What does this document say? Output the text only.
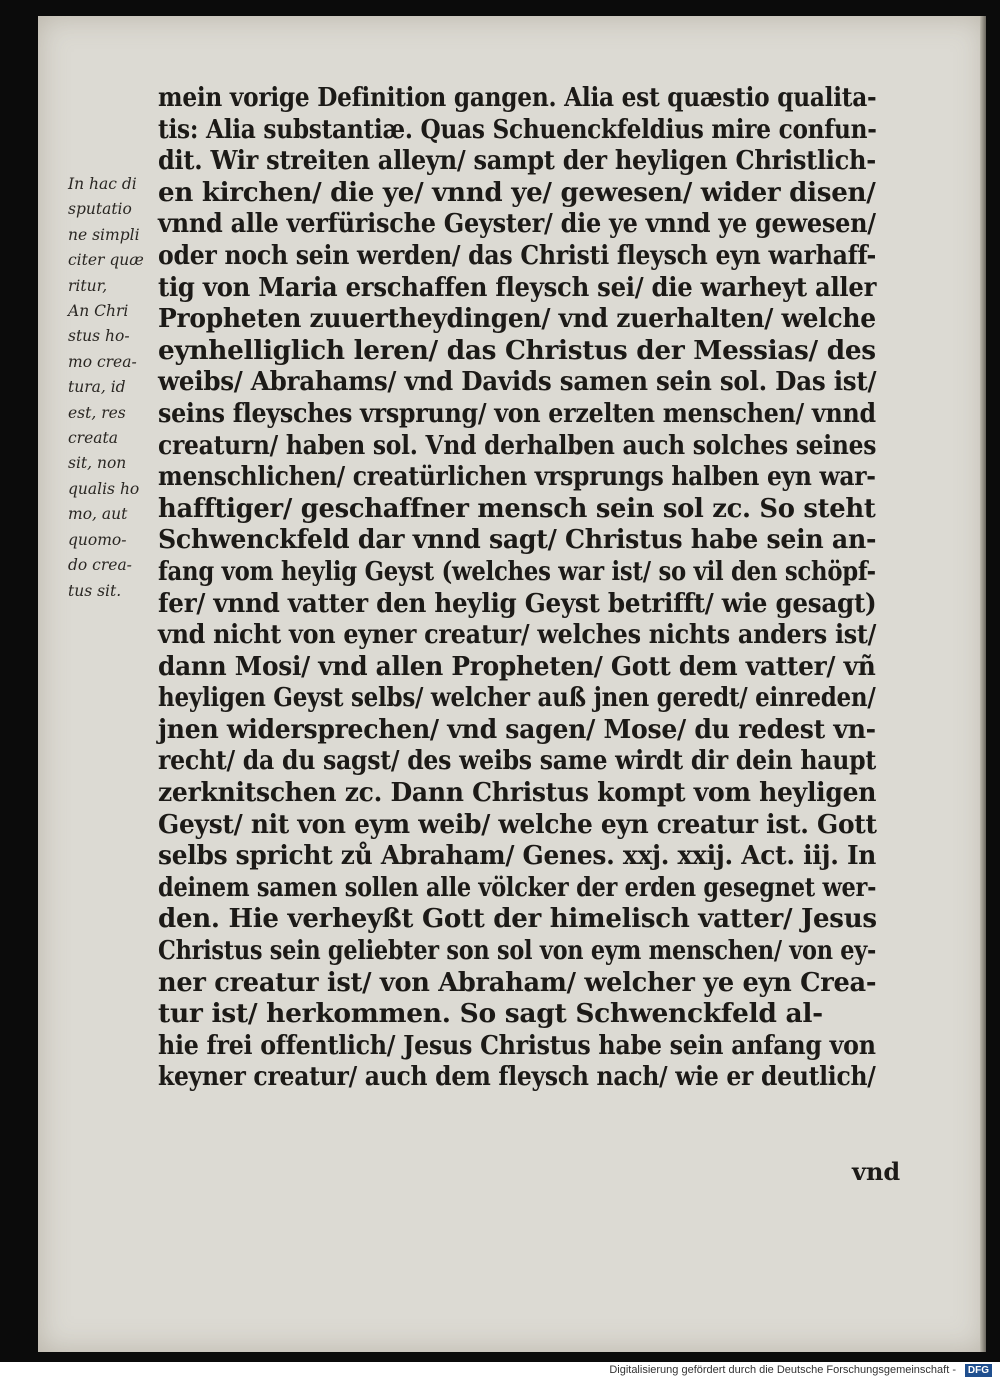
mein vorige Definition gangen. Alia est quæstio qualita-
tis: Alia substantiæ. Quas Schuenckfeldius mire confun-
dit. Wir streiten alleyn/ sampt der heyligen Christlich-
en kirchen/ die ye/ vnnd ye/ gewesen/ wider disen/
vnnd alle verfürische Geyster/ die ye vnnd ye gewesen/
oder noch sein werden/ das Christi fleysch eyn warhaff-
tig von Maria erschaffen fleysch sei/ die warheyt aller
Propheten zuuertheydingen/ vnd zuerhalten/ welche
eynhelliglich leren/ das Christus der Messias/ des
weibs/ Abrahams/ vnd Davids samen sein sol. Das ist/
seins fleysches vrsprung/ von erzelten menschen/ vnnd
creaturn/ haben sol. Vnd derhalben auch solches seines
menschlichen/ creatürlichen vrsprungs halben eyn war-
hafftiger/ geschaffner mensch sein sol zc. So steht
Schwenckfeld dar vnnd sagt/ Christus habe sein an-
fang vom heylig Geyst (welches war ist/ so vil den schöpf-
fer/ vnnd vatter den heylig Geyst betrifft/ wie gesagt)
vnd nicht von eyner creatur/ welches nichts anders ist/
dann Mosi/ vnd allen Propheten/ Gott dem vatter/ vñ
heyligen Geyst selbs/ welcher auß jnen geredt/ einreden/
jnen widersprechen/ vnd sagen/ Mose/ du redest vn-
recht/ da du sagst/ des weibs same wirdt dir dein haupt
zerknitschen zc. Dann Christus kompt vom heyligen
Geyst/ nit von eym weib/ welche eyn creatur ist. Gott
selbs spricht zů Abraham/ Genes. xxj. xxij. Act. iij. In
deinem samen sollen alle völcker der erden gesegnet wer-
den. Hie verheyßt Gott der himelisch vatter/ Jesus
Christus sein geliebter son sol von eym menschen/ von ey-
ner creatur ist/ von Abraham/ welcher ye eyn Crea-
tur ist/ herkommen. So sagt Schwenckfeld al-
hie frei offentlich/ Jesus Christus habe sein anfang von
keyner creatur/ auch dem fleysch nach/ wie er deutlich/
vnd
In hac di
sputatio
ne simpli
citer quæ
ritur,
An Chri
stus ho-
mo crea-
tura, id
est, res
creata
sit, non
qualis ho
mo, aut
quomo-
do crea-
tus sit.
Digitalisierung gefördert durch die Deutsche Forschungsgemeinschaft -	DFG
